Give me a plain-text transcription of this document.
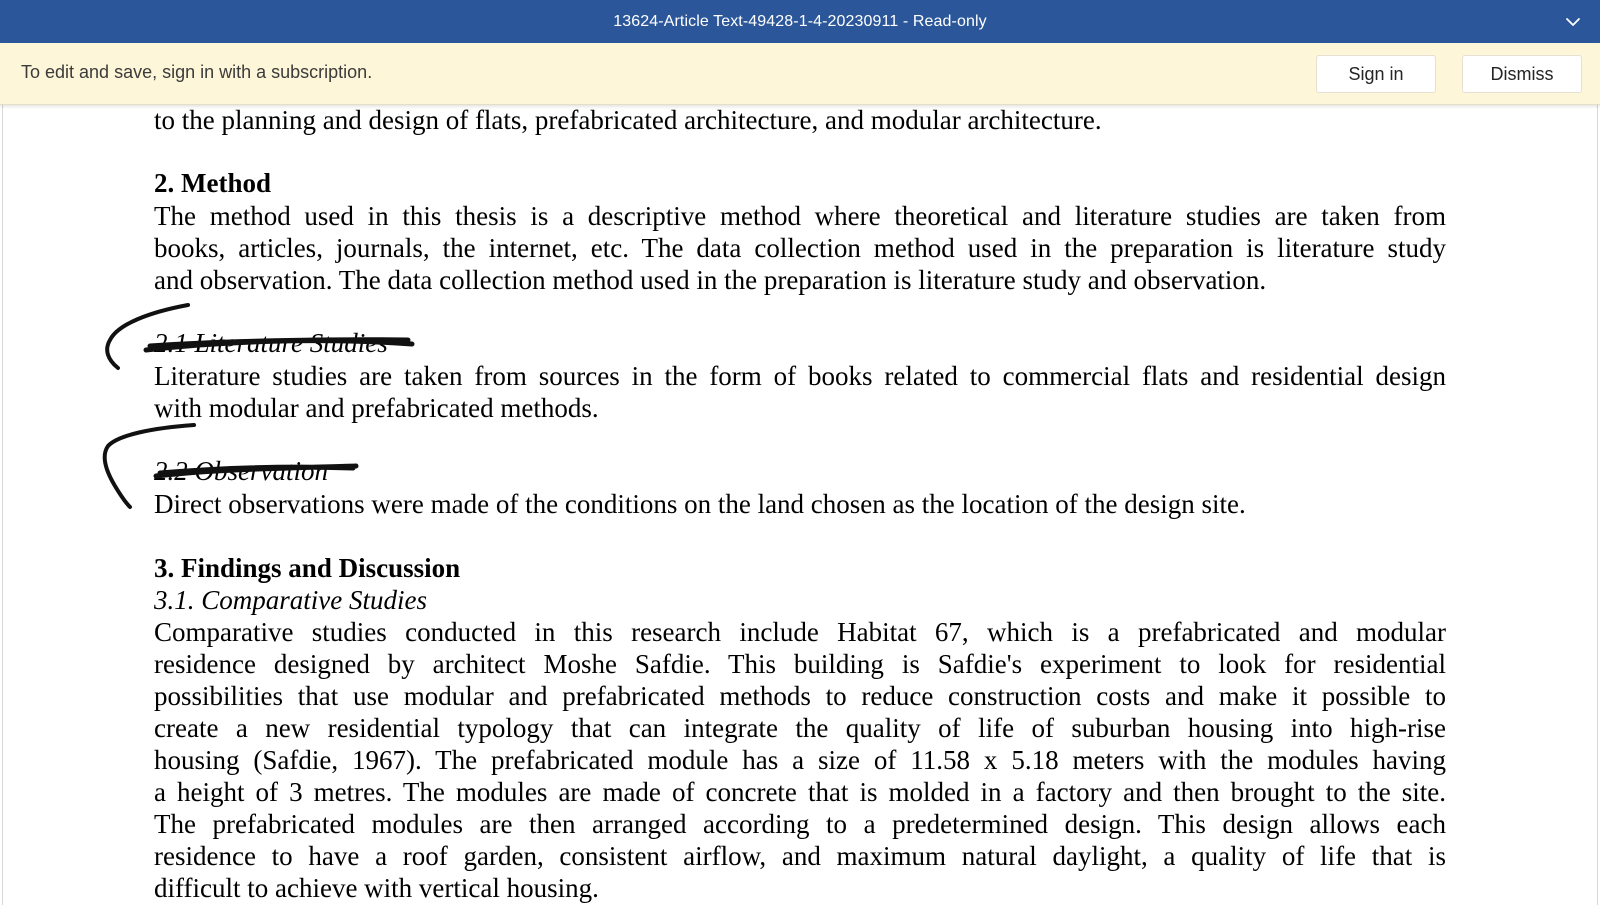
13624-Article Text-49428-1-4-20230911 - Read-only
To edit and save, sign in with a subscription.	Sign in	Dismiss
to the planning and design of flats, prefabricated architecture, and modular architecture.
2. Method
The method used in this thesis is a descriptive method where theoretical and literature studies are taken from
books, articles, journals, the internet, etc. The data collection method used in the preparation is literature study
and observation. The data collection method used in the preparation is literature study and observation.
2.1 Literature Studies
Literature studies are taken from sources in the form of books related to commercial flats and residential design
with modular and prefabricated methods.
2.2 Observation
Direct observations were made of the conditions on the land chosen as the location of the design site.
3. Findings and Discussion
3.1. Comparative Studies
Comparative studies conducted in this research include Habitat 67, which is a prefabricated and modular
residence designed by architect Moshe Safdie. This building is Safdie's experiment to look for residential
possibilities that use modular and prefabricated methods to reduce construction costs and make it possible to
create a new residential typology that can integrate the quality of life of suburban housing into high-rise
housing (Safdie, 1967). The prefabricated module has a size of 11.58 x 5.18 meters with the modules having
a height of 3 metres. The modules are made of concrete that is molded in a factory and then brought to the site.
The prefabricated modules are then arranged according to a predetermined design. This design allows each
residence to have a roof garden, consistent airflow, and maximum natural daylight, a quality of life that is
difficult to achieve with vertical housing.
